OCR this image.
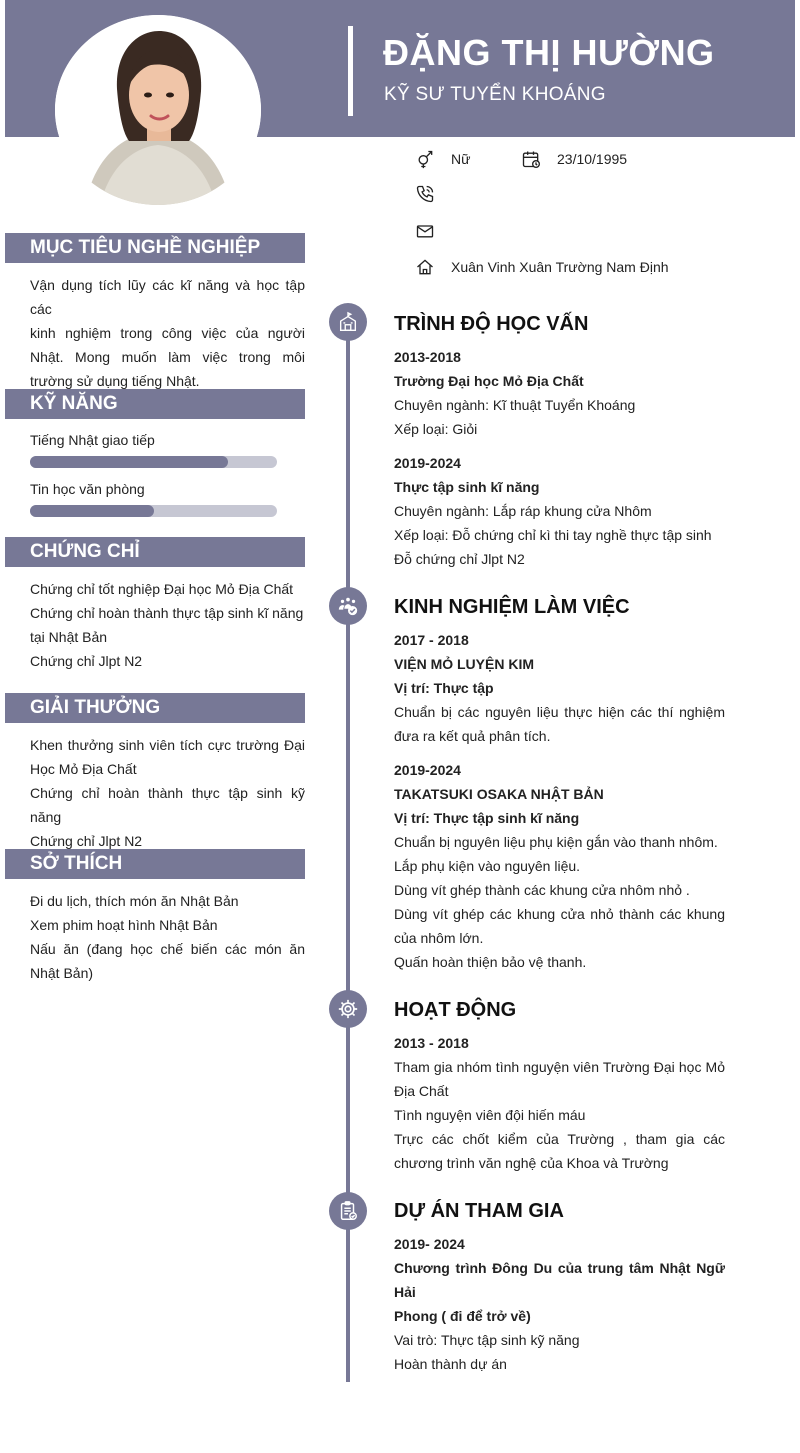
ĐẶNG THỊ HƯỜNG
KỸ SƯ TUYỂN KHOÁNG
Nữ	23/10/1995
Xuân Vinh Xuân Trường Nam Định
MỤC TIÊU NGHỀ NGHIỆP
Vận dụng tích lũy các kĩ năng và học tập các
kinh nghiệm trong công việc của người
Nhật. Mong muốn làm việc trong môi
trường sử dụng tiếng Nhật.
KỸ NĂNG
Tiếng Nhật giao tiếp
Tin học văn phòng
CHỨNG CHỈ
Chứng chỉ tốt nghiệp Đại học Mỏ Địa Chất
Chứng chỉ hoàn thành thực tập sinh kĩ năng
tại Nhật Bản
Chứng chỉ Jlpt N2
GIẢI THƯỞNG
Khen thưởng sinh viên tích cực trường Đại
Học Mỏ Địa Chất
Chứng chỉ hoàn thành thực tập sinh kỹ năng
Chứng chỉ Jlpt N2
SỞ THÍCH
Đi du lịch, thích món ăn Nhật Bản
Xem phim hoạt hình Nhật Bản
Nấu ăn (đang học chế biến các món ăn
Nhật Bản)
TRÌNH ĐỘ HỌC VẤN
2013-2018
Trường Đại học Mỏ Địa Chất
Chuyên ngành: Kĩ thuật Tuyển Khoáng
Xếp loại: Giỏi
2019-2024
Thực tập sinh kĩ năng
Chuyên ngành: Lắp ráp khung cửa Nhôm
Xếp loại: Đỗ chứng chỉ kì thi tay nghề thực tập sinh
Đỗ chứng chỉ Jlpt N2
KINH NGHIỆM LÀM VIỆC
2017 - 2018
VIỆN MỎ LUYỆN KIM
Vị trí: Thực tập
Chuẩn bị các nguyên liệu thực hiện các thí nghiệm
đưa ra kết quả phân tích.
2019-2024
TAKATSUKI OSAKA NHẬT BẢN
Vị trí: Thực tập sinh kĩ năng
Chuẩn bị nguyên liệu phụ kiện gắn vào thanh nhôm.
Lắp phụ kiện vào nguyên liệu.
Dùng vít ghép thành các khung cửa nhôm nhỏ .
Dùng vít ghép các khung cửa nhỏ thành các khung
của nhôm lớn.
Quấn hoàn thiện bảo vệ thanh.
HOẠT ĐỘNG
2013 - 2018
Tham gia nhóm tình nguyện viên Trường Đại học Mỏ
Địa Chất
Tình nguyện viên đội hiến máu
Trực các chốt kiểm của Trường , tham gia các
chương trình văn nghệ của Khoa và Trường
DỰ ÁN THAM GIA
2019- 2024
Chương trình Đông Du của trung tâm Nhật Ngữ Hải
Phong ( đi để trở về)
Vai trò: Thực tập sinh kỹ năng
Hoàn thành dự án
